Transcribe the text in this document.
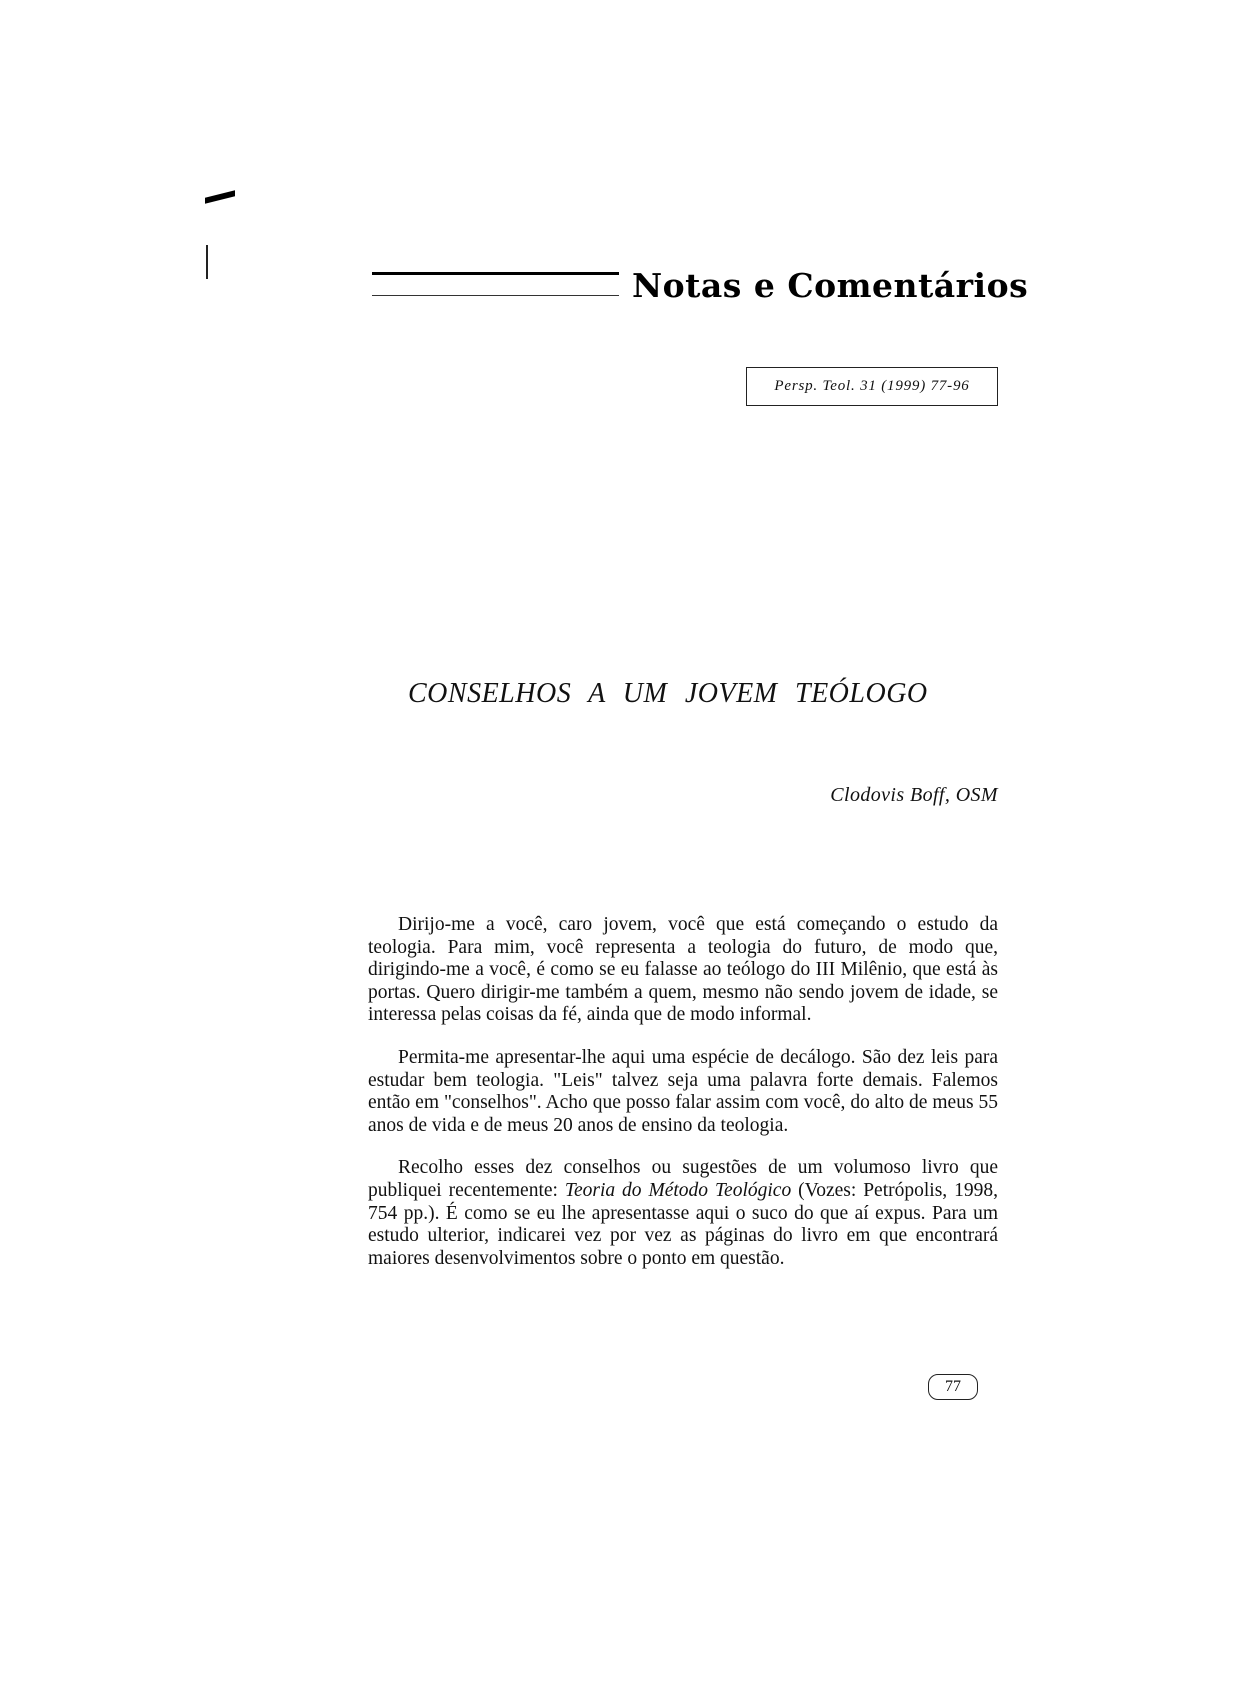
Notas e Comentários
Persp. Teol. 31 (1999) 77-96
CONSELHOS A UM JOVEM TEÓLOGO
Clodovis Boff, OSM

Dirijo-me a você, caro jovem, você que está começando o estudo da teologia. Para mim, você representa a teologia do futuro, de modo que, dirigindo-me a você, é como se eu falasse ao teólogo do III Milênio, que está às portas. Quero dirigir-me também a quem, mesmo não sendo jovem de idade, se interessa pelas coisas da fé, ainda que de modo informal.

Permita-me apresentar-lhe aqui uma espécie de decálogo. São dez leis para estudar bem teologia. "Leis" talvez seja uma palavra forte demais. Falemos então em "conselhos". Acho que posso falar assim com você, do alto de meus 55 anos de vida e de meus 20 anos de ensino da teologia.

Recolho esses dez conselhos ou sugestões de um volumoso livro que publiquei recentemente: Teoria do Método Teológico (Vozes: Petrópolis, 1998, 754 pp.). É como se eu lhe apresentasse aqui o suco do que aí expus. Para um estudo ulterior, indicarei vez por vez as páginas do livro em que encontrará maiores desenvolvimentos sobre o ponto em questão.

77
